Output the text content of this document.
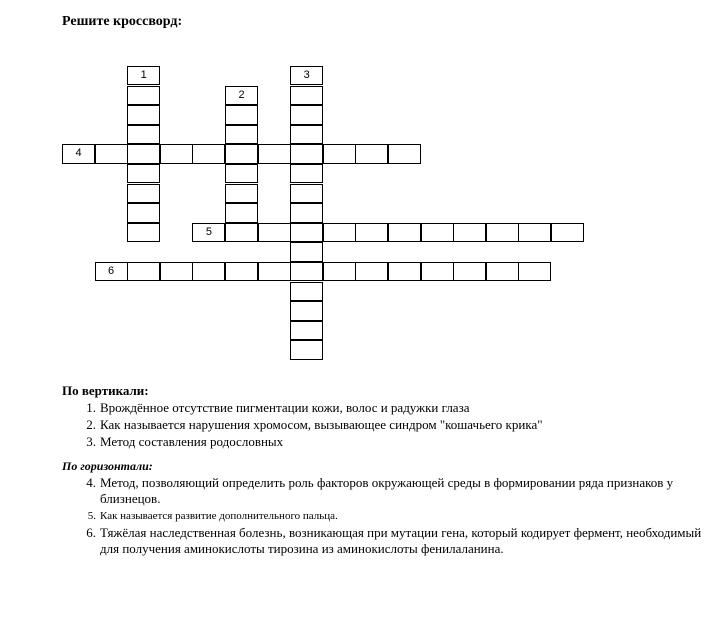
Решите кроссворд:
4
5
6
1
2
3
По вертикали:
1. Врождённое отсутствие пигментации кожи, волос и радужки глаза
2. Как называется нарушения хромосом, вызывающее синдром "кошачьего крика"
3. Метод составления родословных
По горизонтали:
4. Метод, позволяющий определить роль факторов окружающей среды в формировании ряда признаков у близнецов.
5. Как называется развитие дополнительного пальца.
6. Тяжёлая наследственная болезнь, возникающая при мутации гена, который кодирует фермент, необходимый для получения аминокислоты тирозина из аминокислоты фенилаланина.
